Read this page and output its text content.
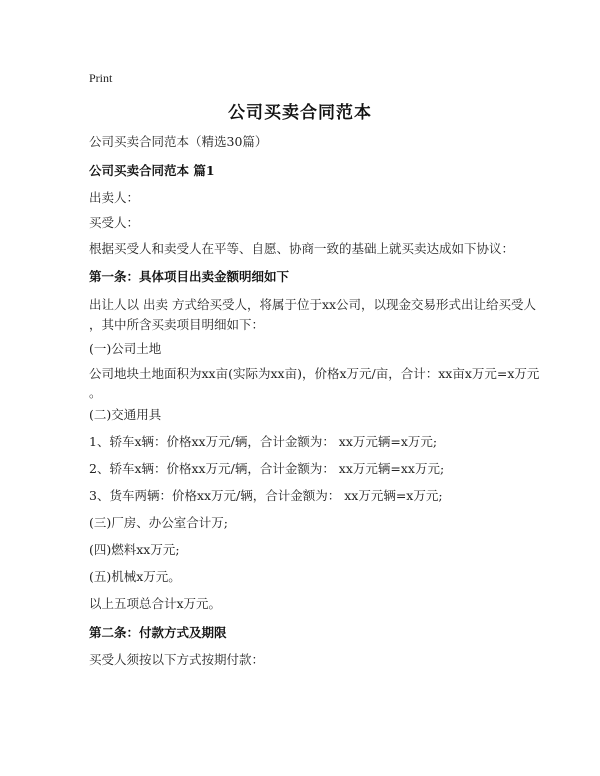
Print
公司买卖合同范本
公司买卖合同范本（精选30篇）
公司买卖合同范本 篇1
出卖人：
买受人：
根据买受人和卖受人在平等、自愿、协商一致的基础上就买卖达成如下协议：
第一条：具体项目出卖金额明细如下
出让人以 出卖 方式给买受人，将属于位于xx公司，以现金交易形式出让给买受人
，其中所含买卖项目明细如下：
(一)公司土地
公司地块土地面积为xx亩(实际为xx亩)，价格x万元/亩，合计：xx亩x万元=x万元
。
(二)交通用具
1、轿车x辆：价格xx万元/辆，合计金额为： xx万元辆=x万元;
2、轿车x辆：价格xx万元/辆，合计金额为： xx万元辆=xx万元;
3、货车两辆：价格xx万元/辆，合计金额为： xx万元辆=x万元;
(三)厂房、办公室合计万;
(四)燃料xx万元;
(五)机械x万元。
以上五项总合计x万元。
第二条：付款方式及期限
买受人须按以下方式按期付款：
